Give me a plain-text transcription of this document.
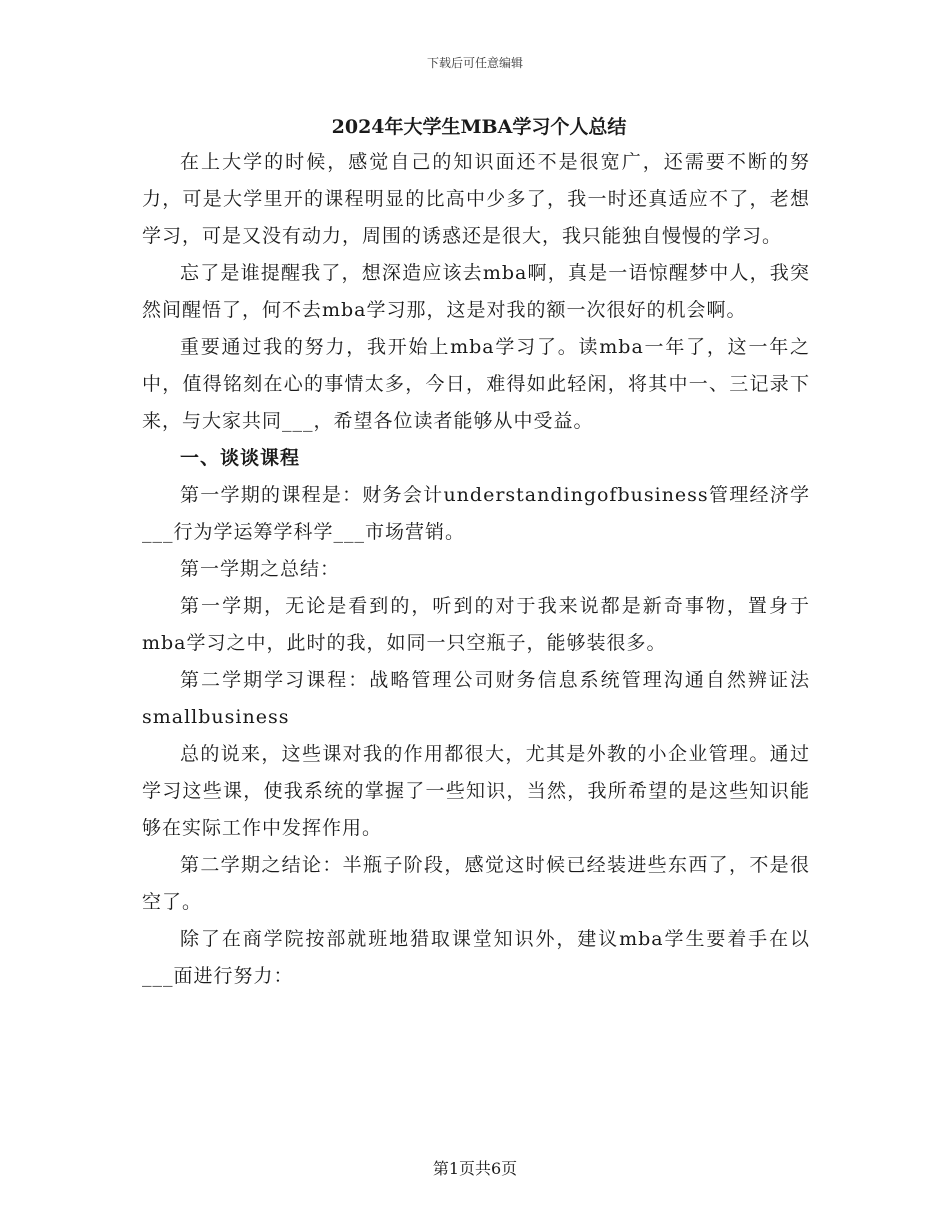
下载后可任意编辑
2024年大学生MBA学习个人总结

在上大学的时候，感觉自己的知识面还不是很宽广，还需要不断的努力，可是大学里开的课程明显的比高中少多了，我一时还真适应不了，老想学习，可是又没有动力，周围的诱惑还是很大，我只能独自慢慢的学习。

忘了是谁提醒我了，想深造应该去mba啊，真是一语惊醒梦中人，我突然间醒悟了，何不去mba学习那，这是对我的额一次很好的机会啊。

重要通过我的努力，我开始上mba学习了。读mba一年了，这一年之中，值得铭刻在心的事情太多，今日，难得如此轻闲，将其中一、三记录下来，与大家共同___，希望各位读者能够从中受益。

一、谈谈课程

第一学期的课程是：财务会计understandingofbusiness管理经济学___行为学运筹学科学___市场营销。

第一学期之总结：

第一学期，无论是看到的，听到的对于我来说都是新奇事物，置身于mba学习之中，此时的我，如同一只空瓶子，能够装很多。

第二学期学习课程：战略管理公司财务信息系统管理沟通自然辨证法smallbusiness

总的说来，这些课对我的作用都很大，尤其是外教的小企业管理。通过学习这些课，使我系统的掌握了一些知识，当然，我所希望的是这些知识能够在实际工作中发挥作用。

第二学期之结论：半瓶子阶段，感觉这时候已经装进些东西了，不是很空了。

除了在商学院按部就班地猎取课堂知识外，建议mba学生要着手在以___面进行努力：

第1页共6页
